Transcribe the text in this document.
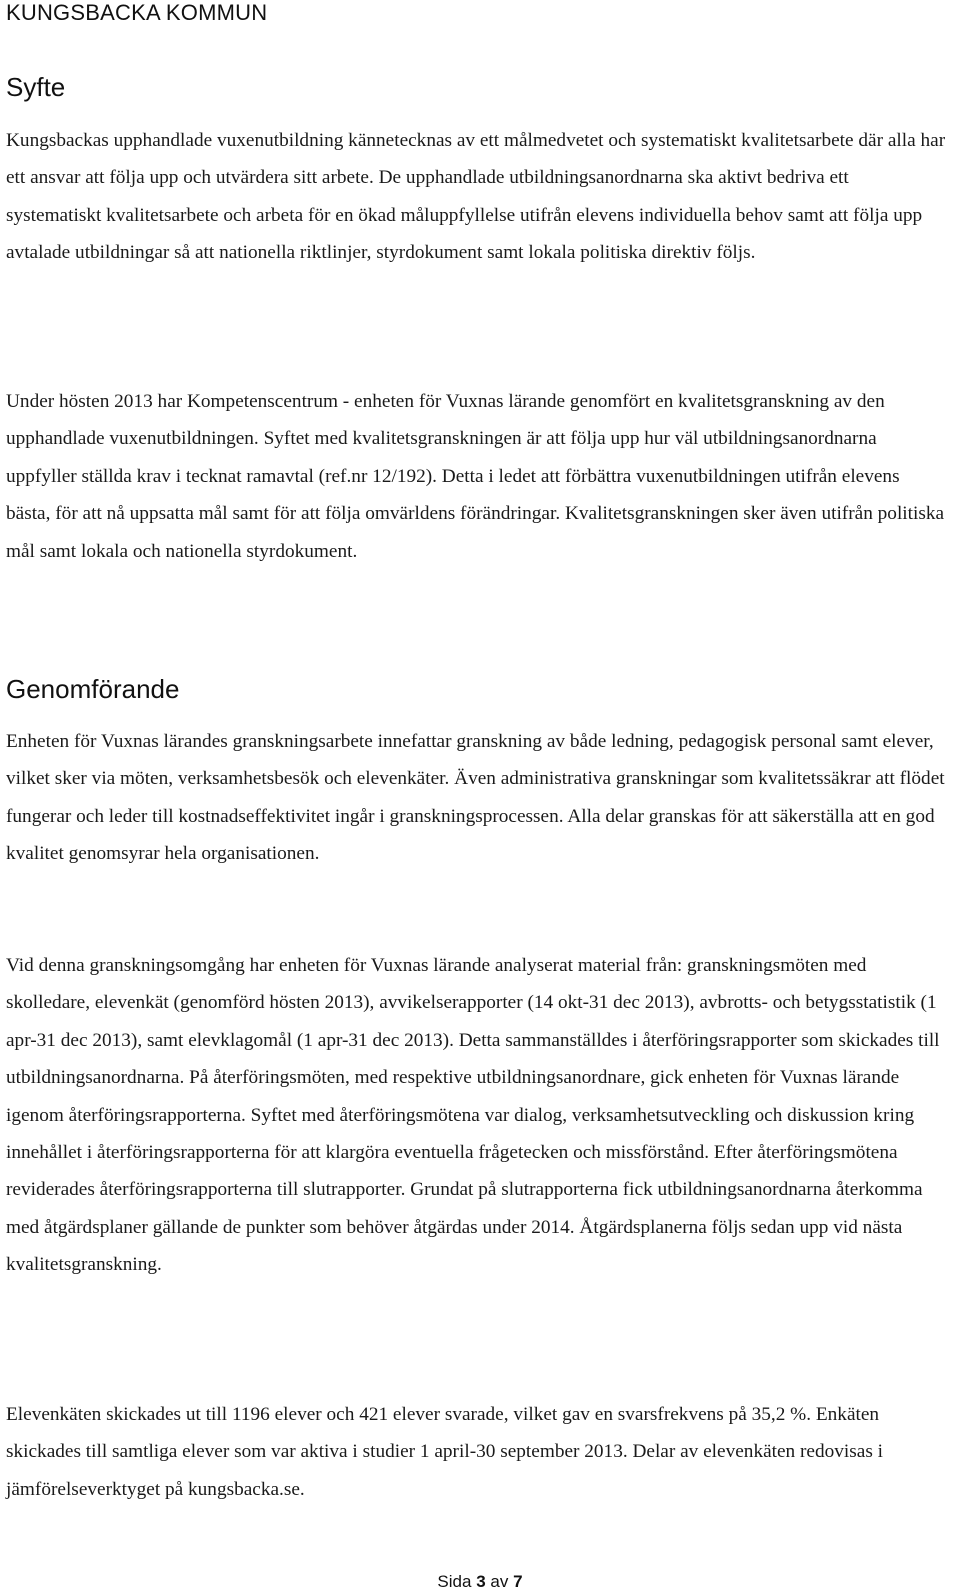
KUNGSBACKA KOMMUN
Syfte

Kungsbackas upphandlade vuxenutbildning kännetecknas av ett målmedvetet och systematiskt kvalitetsarbete där alla har ett ansvar att följa upp och utvärdera sitt arbete. De upphandlade utbildningsanordnarna ska aktivt bedriva ett systematiskt kvalitetsarbete och arbeta för en ökad måluppfyllelse utifrån elevens individuella behov samt att följa upp avtalade utbildningar så att nationella riktlinjer, styrdokument samt lokala politiska direktiv följs.

Under hösten 2013 har Kompetenscentrum - enheten för Vuxnas lärande genomfört en kvalitetsgranskning av den upphandlade vuxenutbildningen. Syftet med kvalitetsgranskningen är att följa upp hur väl utbildningsanordnarna uppfyller ställda krav i tecknat ramavtal (ref.nr 12/192). Detta i ledet att förbättra vuxenutbildningen utifrån elevens bästa, för att nå uppsatta mål samt för att följa omvärldens förändringar. Kvalitetsgranskningen sker även utifrån politiska mål samt lokala och nationella styrdokument.

Genomförande

Enheten för Vuxnas lärandes granskningsarbete innefattar granskning av både ledning, pedagogisk personal samt elever, vilket sker via möten, verksamhetsbesök och elevenkäter. Även administrativa granskningar som kvalitetssäkrar att flödet fungerar och leder till kostnadseffektivitet ingår i granskningsprocessen. Alla delar granskas för att säkerställa att en god kvalitet genomsyrar hela organisationen.

Vid denna granskningsomgång har enheten för Vuxnas lärande analyserat material från: granskningsmöten med skolledare, elevenkät (genomförd hösten 2013), avvikelserapporter (14 okt-31 dec 2013), avbrotts- och betygsstatistik (1 apr-31 dec 2013), samt elevklagomål (1 apr-31 dec 2013). Detta sammanställdes i återföringsrapporter som skickades till utbildningsanordnarna. På återföringsmöten, med respektive utbildningsanordnare, gick enheten för Vuxnas lärande igenom återföringsrapporterna. Syftet med återföringsmötena var dialog, verksamhetsutveckling och diskussion kring innehållet i återföringsrapporterna för att klargöra eventuella frågetecken och missförstånd. Efter återföringsmötena reviderades återföringsrapporterna till slutrapporter. Grundat på slutrapporterna fick utbildningsanordnarna återkomma med åtgärdsplaner gällande de punkter som behöver åtgärdas under 2014. Åtgärdsplanerna följs sedan upp vid nästa kvalitetsgranskning.

Elevenkäten skickades ut till 1196 elever och 421 elever svarade, vilket gav en svarsfrekvens på 35,2 %. Enkäten skickades till samtliga elever som var aktiva i studier 1 april-30 september 2013. Delar av elevenkäten redovisas i jämförelseverktyget på kungsbacka.se.

Sida 3 av 7
